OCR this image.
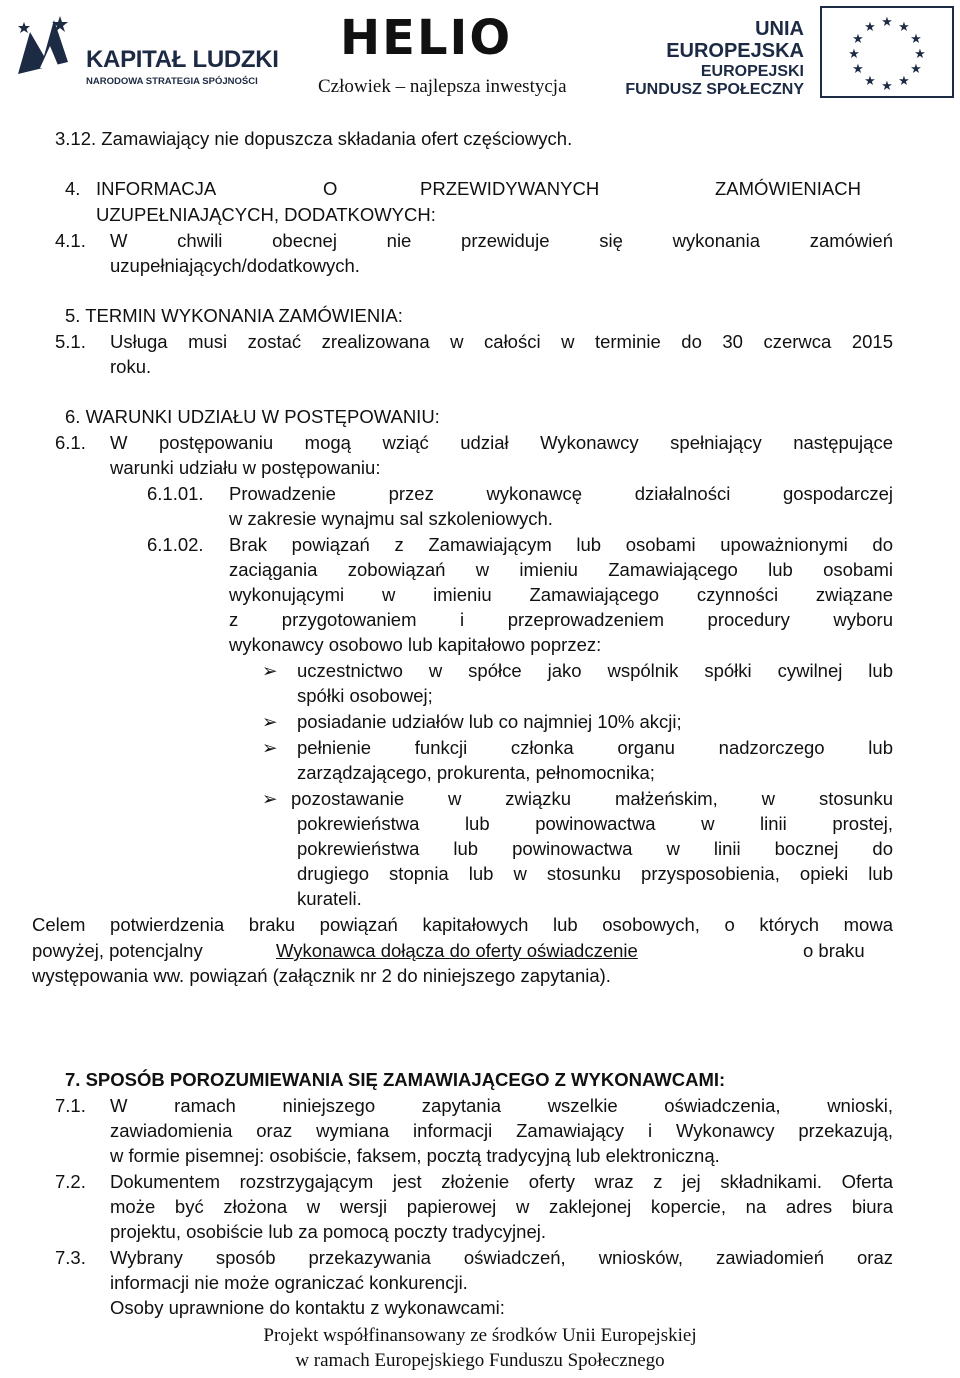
KAPITAŁ LUDZKI
NARODOWA STRATEGIA SPÓJNOŚCI
HELIO
Człowiek – najlepsza inwestycja
UNIA EUROPEJSKA
EUROPEJSKI
FUNDUSZ SPOŁECZNY
★ ★
★
★
★
★
★
★
★
★
★
★
3.12. Zamawiający nie dopuszcza składania ofert częściowych.
4. INFORMACJA	O	PRZEWIDYWANYCH	ZAMÓWIENIACH
UZUPEŁNIAJĄCYCH, DODATKOWYCH:
4.1. W chwili obecnej nie przewiduje się wykonania zamówień
uzupełniających/dodatkowych.
5. TERMIN WYKONANIA ZAMÓWIENIA:
5.1. Usługa musi zostać zrealizowana w całości w terminie do 30 czerwca 2015
roku.
6. WARUNKI UDZIAŁU W POSTĘPOWANIU:
6.1. W postępowaniu mogą wziąć udział Wykonawcy spełniający następujące
warunki udziału w postępowaniu:
6.1.01. Prowadzenie przez wykonawcę działalności gospodarczej
w zakresie wynajmu sal szkoleniowych.
6.1.02. Brak powiązań z Zamawiającym lub osobami upoważnionymi do
zaciągania zobowiązań w imieniu Zamawiającego lub osobami
wykonującymi w imieniu Zamawiającego czynności związane
z przygotowaniem i przeprowadzeniem procedury wyboru
wykonawcy osobowo lub kapitałowo poprzez:
➢ uczestnictwo w spółce jako wspólnik spółki cywilnej lub
spółki osobowej;
➢ posiadanie udziałów lub co najmniej 10% akcji;
➢ pełnienie funkcji członka organu nadzorczego lub
zarządzającego, prokurenta, pełnomocnika;
➢ pozostawanie w związku małżeńskim, w stosunku
pokrewieństwa lub powinowactwa w linii prostej,
pokrewieństwa lub powinowactwa w linii bocznej do
drugiego stopnia lub w stosunku przysposobienia, opieki lub
kurateli.
Celem potwierdzenia braku powiązań kapitałowych lub osobowych, o których mowa
powyżej, potencjalny	Wykonawca dołącza do oferty oświadczenie	o braku
występowania ww. powiązań (załącznik nr 2 do niniejszego zapytania).
7. SPOSÓB POROZUMIEWANIA SIĘ ZAMAWIAJĄCEGO Z WYKONAWCAMI:
7.1. W ramach niniejszego zapytania wszelkie oświadczenia, wnioski,
zawiadomienia oraz wymiana informacji Zamawiający i Wykonawcy przekazują,
w formie pisemnej: osobiście, faksem, pocztą tradycyjną lub elektroniczną.
7.2. Dokumentem rozstrzygającym jest złożenie oferty wraz z jej składnikami. Oferta
może być złożona w wersji papierowej w zaklejonej kopercie, na adres biura
projektu, osobiście lub za pomocą poczty tradycyjnej.
7.3. Wybrany sposób przekazywania oświadczeń, wniosków, zawiadomień oraz
informacji nie może ograniczać konkurencji.
Osoby uprawnione do kontaktu z wykonawcami:
Projekt współfinansowany ze środków Unii Europejskiej
w ramach Europejskiego Funduszu Społecznego
